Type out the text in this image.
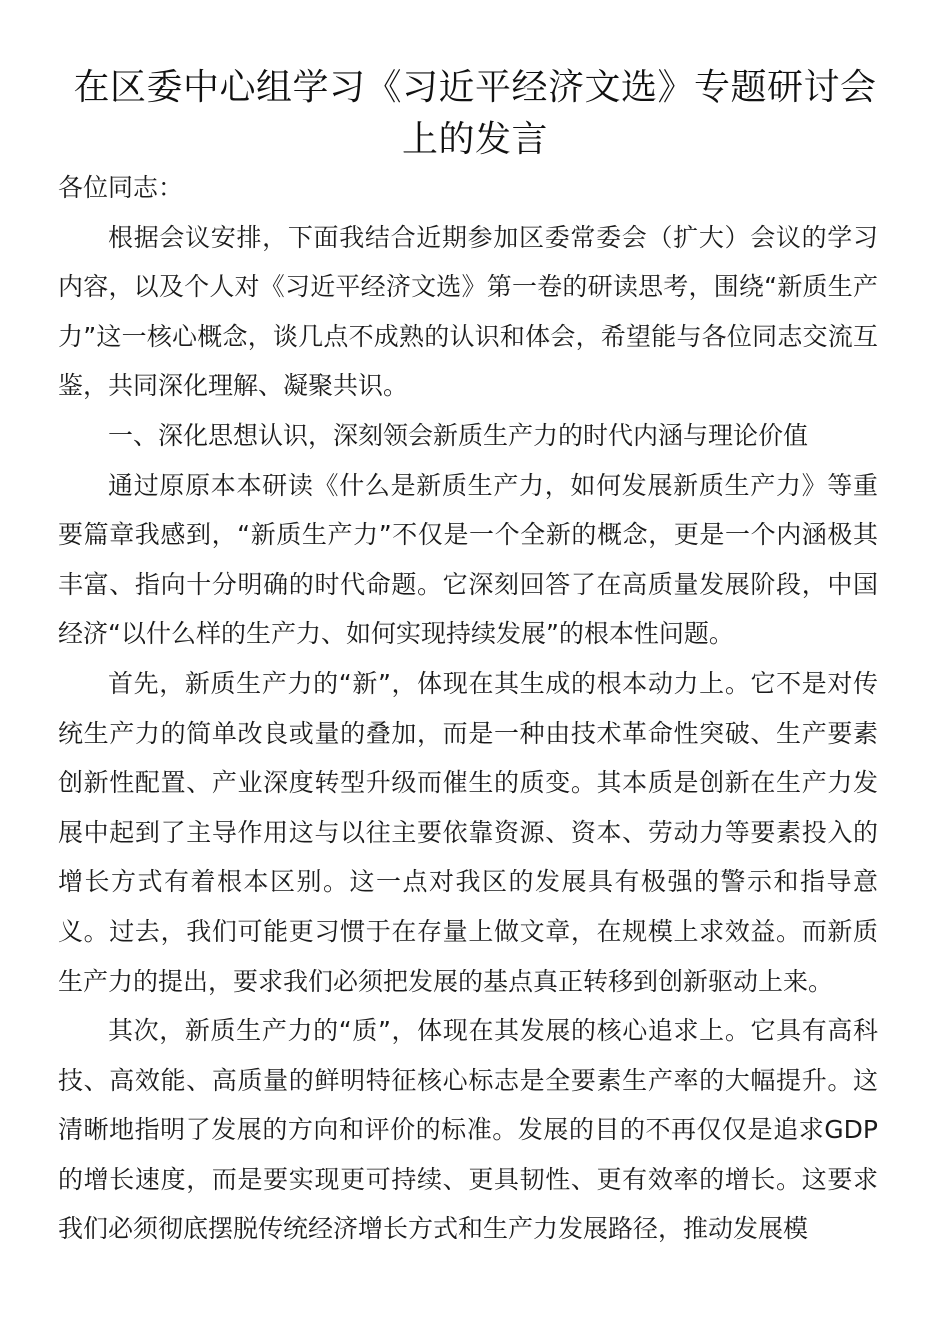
在区委中心组学习《习近平经济文选》专题研讨会上的发言

各位同志：

根据会议安排，下面我结合近期参加区委常委会（扩大）会议的学习内容，以及个人对《习近平经济文选》第一卷的研读思考，围绕“新质生产力”这一核心概念，谈几点不成熟的认识和体会，希望能与各位同志交流互鉴，共同深化理解、凝聚共识。

一、深化思想认识，深刻领会新质生产力的时代内涵与理论价值

通过原原本本研读《什么是新质生产力，如何发展新质生产力》等重要篇章我感到，“新质生产力”不仅是一个全新的概念，更是一个内涵极其丰富、指向十分明确的时代命题。它深刻回答了在高质量发展阶段，中国经济“以什么样的生产力、如何实现持续发展”的根本性问题。

首先，新质生产力的“新”，体现在其生成的根本动力上。它不是对传统生产力的简单改良或量的叠加，而是一种由技术革命性突破、生产要素创新性配置、产业深度转型升级而催生的质变。其本质是创新在生产力发展中起到了主导作用这与以往主要依靠资源、资本、劳动力等要素投入的增长方式有着根本区别。这一点对我区的发展具有极强的警示和指导意义。过去，我们可能更习惯于在存量上做文章，在规模上求效益。而新质生产力的提出，要求我们必须把发展的基点真正转移到创新驱动上来。

其次，新质生产力的“质”，体现在其发展的核心追求上。它具有高科技、高效能、高质量的鲜明特征核心标志是全要素生产率的大幅提升。这清晰地指明了发展的方向和评价的标准。发展的目的不再仅仅是追求GDP的增长速度，而是要实现更可持续、更具韧性、更有效率的增长。这要求我们必须彻底摆脱传统经济增长方式和生产力发展路径，推动发展模
